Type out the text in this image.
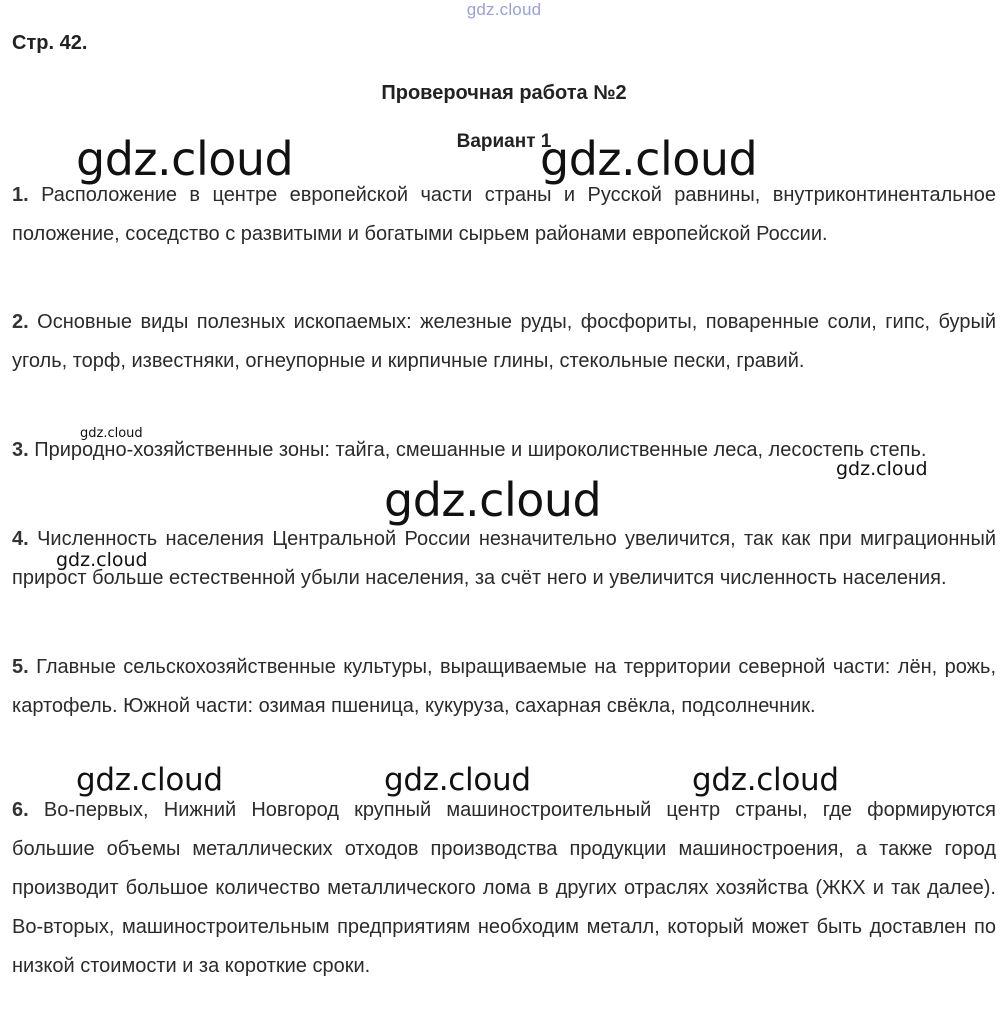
gdz.cloud
Стр. 42.
Проверочная работа №2
Вариант 1
1. Расположение в центре европейской части страны и Русской равнины, внутриконтинентальное положение, соседство с развитыми и богатыми сырьем районами европейской России.
2. Основные виды полезных ископаемых: железные руды, фосфориты, поваренные соли, гипс, бурый уголь, торф, известняки, огнеупорные и кирпичные глины, стекольные пески, гравий.
3. Природно-хозяйственные зоны: тайга, смешанные и широколиственные леса, лесостепь степь.
4. Численность населения Центральной России незначительно увеличится, так как при миграционный прирост больше естественной убыли населения, за счёт него и увеличится численность населения.
5. Главные сельскохозяйственные культуры, выращиваемые на территории северной части: лён, рожь, картофель. Южной части: озимая пшеница, кукуруза, сахарная свёкла, подсолнечник.
6. Во-первых, Нижний Новгород крупный машиностроительный центр страны, где формируются большие объемы металлических отходов производства продукции машиностроения, а также город производит большое количество металлического лома в других отраслях хозяйства (ЖКХ и так далее). Во-вторых, машиностроительным предприятиям необходим металл, который может быть доставлен по низкой стоимости и за короткие сроки.
gdz.cloud	gdz.cloud
gdz.cloud
gdz.cloud
gdz.cloud
gdz.cloud
gdz.cloud	gdz.cloud	gdz.cloud
